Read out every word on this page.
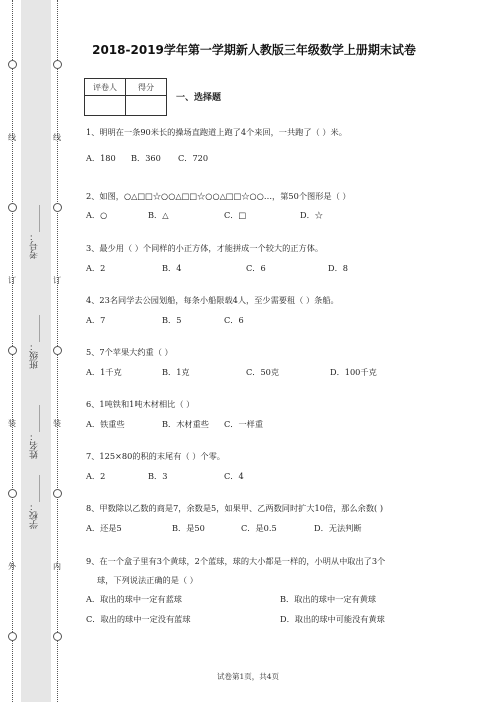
线
订
装
外
线
订
装
内
考号：______
班级：______
姓名：______
学校：______
2018-2019学年第一学期新人教版三年级数学上册期末试卷
评卷人	得分

一、选择题
1、明明在一条90米长的操场直跑道上跑了4个来回，一共跑了（ ）米。
A．180 B．360 C．720
2、如图，○△□□☆○○△□□☆○○△□□☆○○…，第50个图形是（ ）
A．○	B．△	C．□	D．☆
3、最少用（ ）个同样的小正方体，才能拼成一个较大的正方体。
A．2	B．4	C．6	D．8
4、23名同学去公园划船，每条小船限载4人，至少需要租（ ）条船。
A．7	B．5	C．6
5、7个苹果大约重（ ）
A．1千克	B．1克	C．50克	D．100千克
6、1吨铁和1吨木材相比（ ）
A．铁重些	B．木材重些 C．一样重
7、125×80的积的末尾有（ ）个零。
A．2	B．3	C．4
8、甲数除以乙数的商是7，余数是5，如果甲、乙两数同时扩大10倍，那么余数( )
A．还是5	B．是50	C．是0.5	D．无法判断
9、在一个盒子里有3个黄球，2个蓝球，球的大小都是一样的，小明从中取出了3个
球，下列说法正确的是（ ）
A．取出的球中一定有蓝球	B．取出的球中一定有黄球
C．取出的球中一定没有蓝球	D．取出的球中可能没有黄球
试卷第1页，共4页
